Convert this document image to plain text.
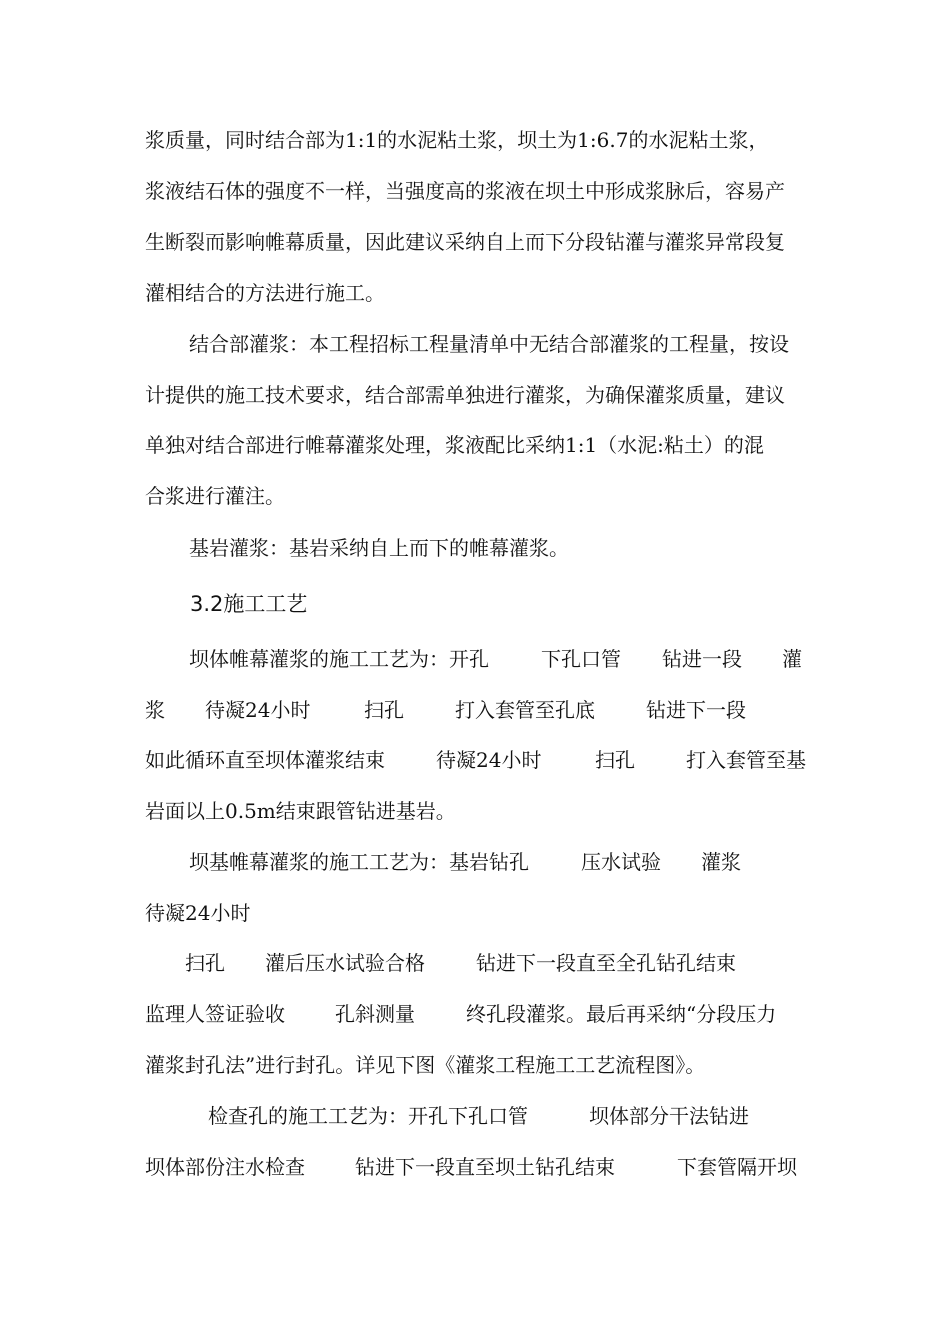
浆质量，同时结合部为1:1的水泥粘土浆，坝土为1:6.7的水泥粘土浆，
浆液结石体的强度不一样，当强度高的浆液在坝土中形成浆脉后，容易产
生断裂而影响帷幕质量，因此建议采纳自上而下分段钻灌与灌浆异常段复
灌相结合的方法进行施工。
结合部灌浆：本工程招标工程量清单中无结合部灌浆的工程量，按设
计提供的施工技术要求，结合部需单独进行灌浆，为确保灌浆质量，建议
单独对结合部进行帷幕灌浆处理，浆液配比采纳1:1（水泥:粘土）的混
合浆进行灌注。
基岩灌浆：基岩采纳自上而下的帷幕灌浆。
3.2施工工艺
坝体帷幕灌浆的施工工艺为：开孔	下孔口管 钻进一段 灌
浆 待凝24小时	扫孔	打入套管至孔底	钻进下一段
如此循环直至坝体灌浆结束	待凝24小时	扫孔	打入套管至基
岩面以上0.5m结束跟管钻进基岩。
坝基帷幕灌浆的施工工艺为：基岩钻孔	压水试验 灌浆
待凝24小时
扫孔 灌后压水试验合格	钻进下一段直至全孔钻孔结束
监理人签证验收	孔斜测量	终孔段灌浆。最后再采纳“分段压力
灌浆封孔法”进行封孔。详见下图《灌浆工程施工工艺流程图》。
检查孔的施工工艺为：开孔下孔口管	坝体部分干法钻进
坝体部份注水检查	钻进下一段直至坝土钻孔结束	下套管隔开坝
